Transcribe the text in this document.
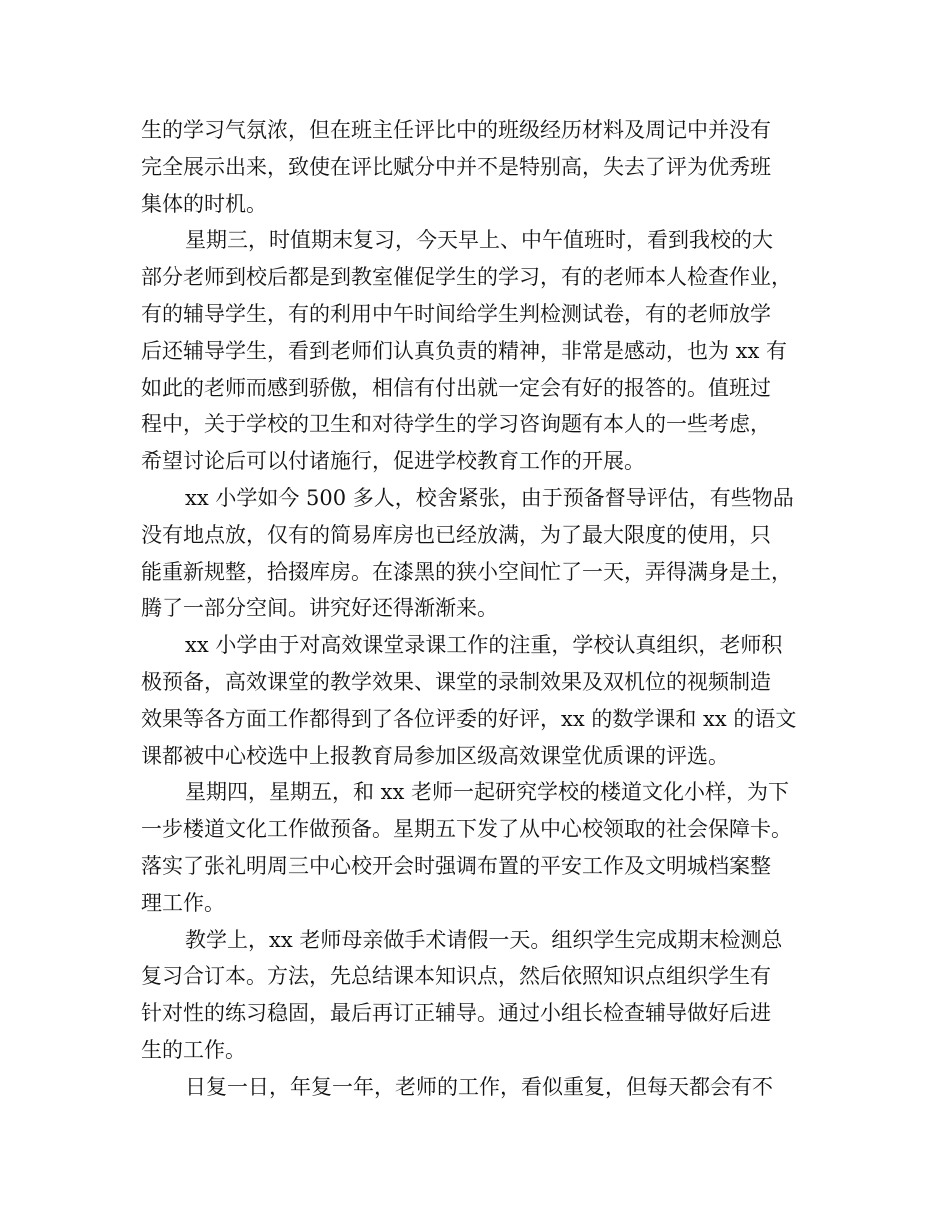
生的学习气氛浓，但在班主任评比中的班级经历材料及周记中并没有
完全展示出来，致使在评比赋分中并不是特别高，失去了评为优秀班
集体的时机。
星期三，时值期末复习，今天早上、中午值班时，看到我校的大
部分老师到校后都是到教室催促学生的学习，有的老师本人检查作业，
有的辅导学生，有的利用中午时间给学生判检测试卷，有的老师放学
后还辅导学生，看到老师们认真负责的精神，非常是感动，也为 xx 有
如此的老师而感到骄傲，相信有付出就一定会有好的报答的。值班过
程中，关于学校的卫生和对待学生的学习咨询题有本人的一些考虑，
希望讨论后可以付诸施行，促进学校教育工作的开展。
xx 小学如今 500 多人，校舍紧张，由于预备督导评估，有些物品
没有地点放，仅有的简易库房也已经放满，为了最大限度的使用，只
能重新规整，拾掇库房。在漆黑的狭小空间忙了一天，弄得满身是土，
腾了一部分空间。讲究好还得渐渐来。
xx 小学由于对高效课堂录课工作的注重，学校认真组织，老师积
极预备，高效课堂的教学效果、课堂的录制效果及双机位的视频制造
效果等各方面工作都得到了各位评委的好评，xx 的数学课和 xx 的语文
课都被中心校选中上报教育局参加区级高效课堂优质课的评选。
星期四，星期五，和 xx 老师一起研究学校的楼道文化小样，为下
一步楼道文化工作做预备。星期五下发了从中心校领取的社会保障卡。
落实了张礼明周三中心校开会时强调布置的平安工作及文明城档案整
理工作。
教学上，xx 老师母亲做手术请假一天。组织学生完成期末检测总
复习合订本。方法，先总结课本知识点，然后依照知识点组织学生有
针对性的练习稳固，最后再订正辅导。通过小组长检查辅导做好后进
生的工作。
日复一日，年复一年，老师的工作，看似重复，但每天都会有不
